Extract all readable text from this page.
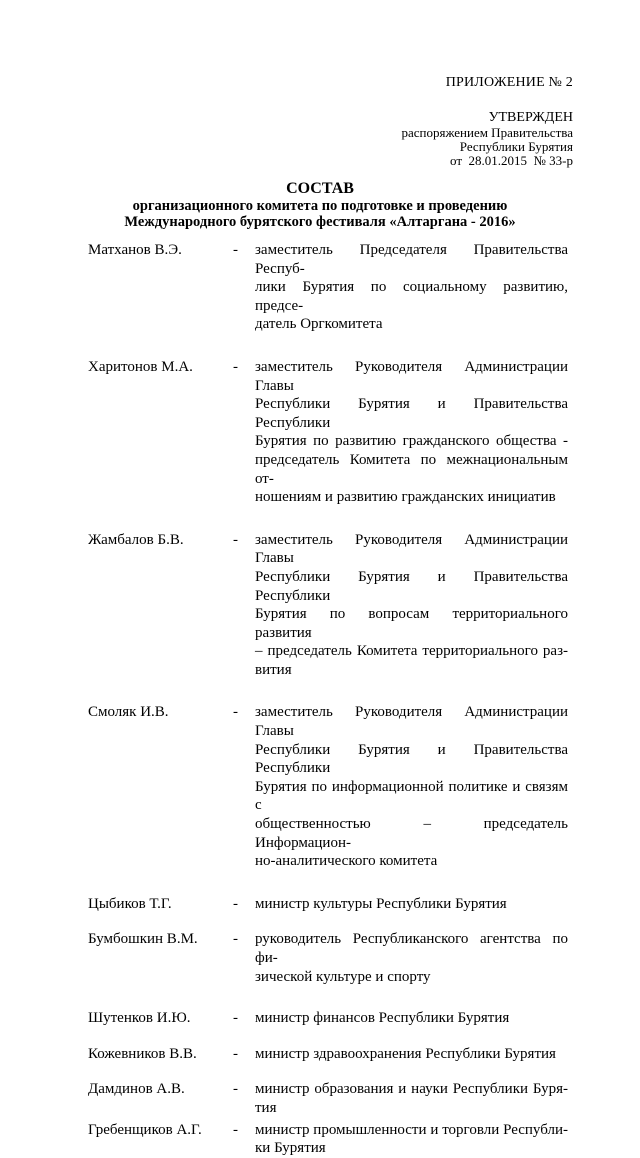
ПРИЛОЖЕНИЕ № 2
УТВЕРЖДЕН
распоряжением Правительства
Республики Бурятия
от 28.01.2015 № 33-р
СОСТАВ
организационного комитета по подготовке и проведению
Международного бурятского фестиваля «Алтаргана - 2016»
Матханов В.Э.	-	заместитель Председателя Правительства Респуб-
лики Бурятия по социальному развитию, предсе-
датель Оргкомитета
Харитонов М.А.	-	заместитель Руководителя Администрации Главы
Республики Бурятия и Правительства Республики
Бурятия по развитию гражданского общества -
председатель Комитета по межнациональным от-
ношениям и развитию гражданских инициатив
Жамбалов Б.В.	-	заместитель Руководителя Администрации Главы
Республики Бурятия и Правительства Республики
Бурятия по вопросам территориального развития
– председатель Комитета территориального раз-
вития
Смоляк И.В.	-	заместитель Руководителя Администрации Главы
Республики Бурятия и Правительства Республики
Бурятия по информационной политике и связям с
общественностью – председатель Информацион-
но-аналитического комитета
Цыбиков Т.Г.	-	министр культуры Республики Бурятия
Бумбошкин В.М.	-	руководитель Республиканского агентства по фи-
зической культуре и спорту
Шутенков И.Ю.	-	министр финансов Республики Бурятия
Кожевников В.В.	-	министр здравоохранения Республики Бурятия
Дамдинов А.В.	-	министр образования и науки Республики Буря-
тия
Гребенщиков А.Г.	-	министр промышленности и торговли Республи-
ки Бурятия
